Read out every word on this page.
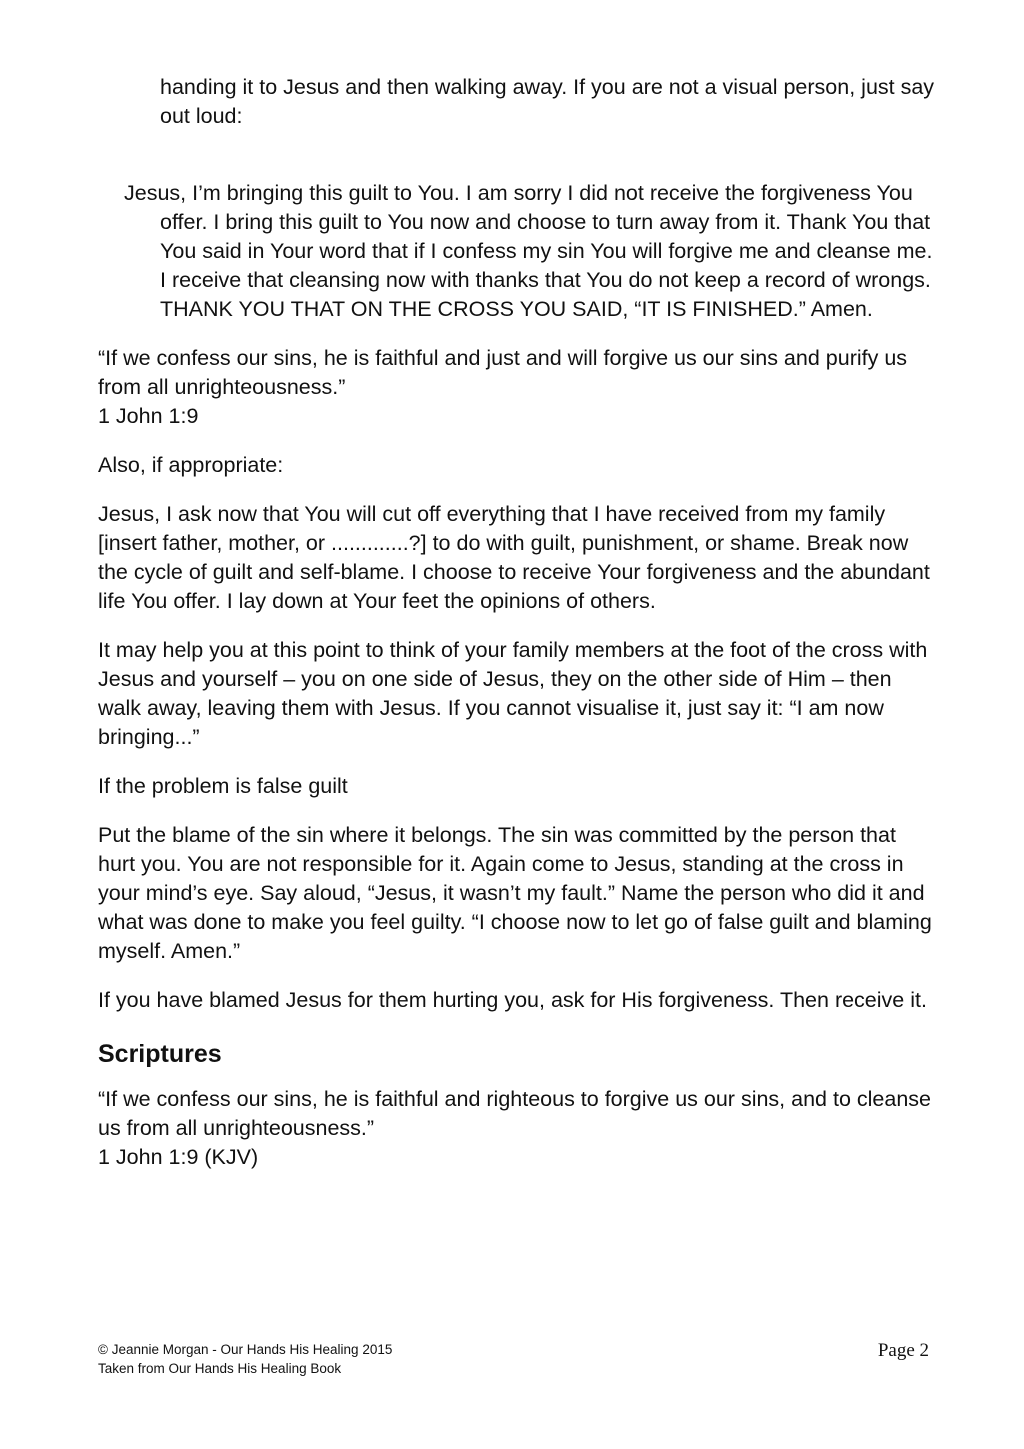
handing it to Jesus and then walking away. If you are not a visual person, just say out loud:

Jesus, I’m bringing this guilt to You. I am sorry I did not receive the forgiveness You offer. I bring this guilt to You now and choose to turn away from it. Thank You that You said in Your word that if I confess my sin You will forgive me and cleanse me. I receive that cleansing now with thanks that You do not keep a record of wrongs. THANK YOU THAT ON THE CROSS YOU SAID, “IT IS FINISHED.” Amen.

“If we confess our sins, he is faithful and just and will forgive us our sins and purify us from all unrighteousness.”
1 John 1:9

Also, if appropriate:

Jesus, I ask now that You will cut off everything that I have received from my family [insert father, mother, or .............?] to do with guilt, punishment, or shame. Break now the cycle of guilt and self-blame. I choose to receive Your forgiveness and the abundant life You offer. I lay down at Your feet the opinions of others.

It may help you at this point to think of your family members at the foot of the cross with Jesus and yourself – you on one side of Jesus, they on the other side of Him – then walk away, leaving them with Jesus. If you cannot visualise it, just say it: “I am now bringing...”

If the problem is false guilt

Put the blame of the sin where it belongs. The sin was committed by the person that hurt you. You are not responsible for it. Again come to Jesus, standing at the cross in your mind’s eye. Say aloud, “Jesus, it wasn’t my fault.” Name the person who did it and what was done to make you feel guilty. “I choose now to let go of false guilt and blaming myself. Amen.”

If you have blamed Jesus for them hurting you, ask for His forgiveness. Then receive it.

Scriptures

“If we confess our sins, he is faithful and righteous to forgive us our sins, and to cleanse us from all unrighteousness.”
1 John 1:9 (KJV)

© Jeannie Morgan - Our Hands His Healing 2015
Taken from Our Hands His Healing Book
Page 2
